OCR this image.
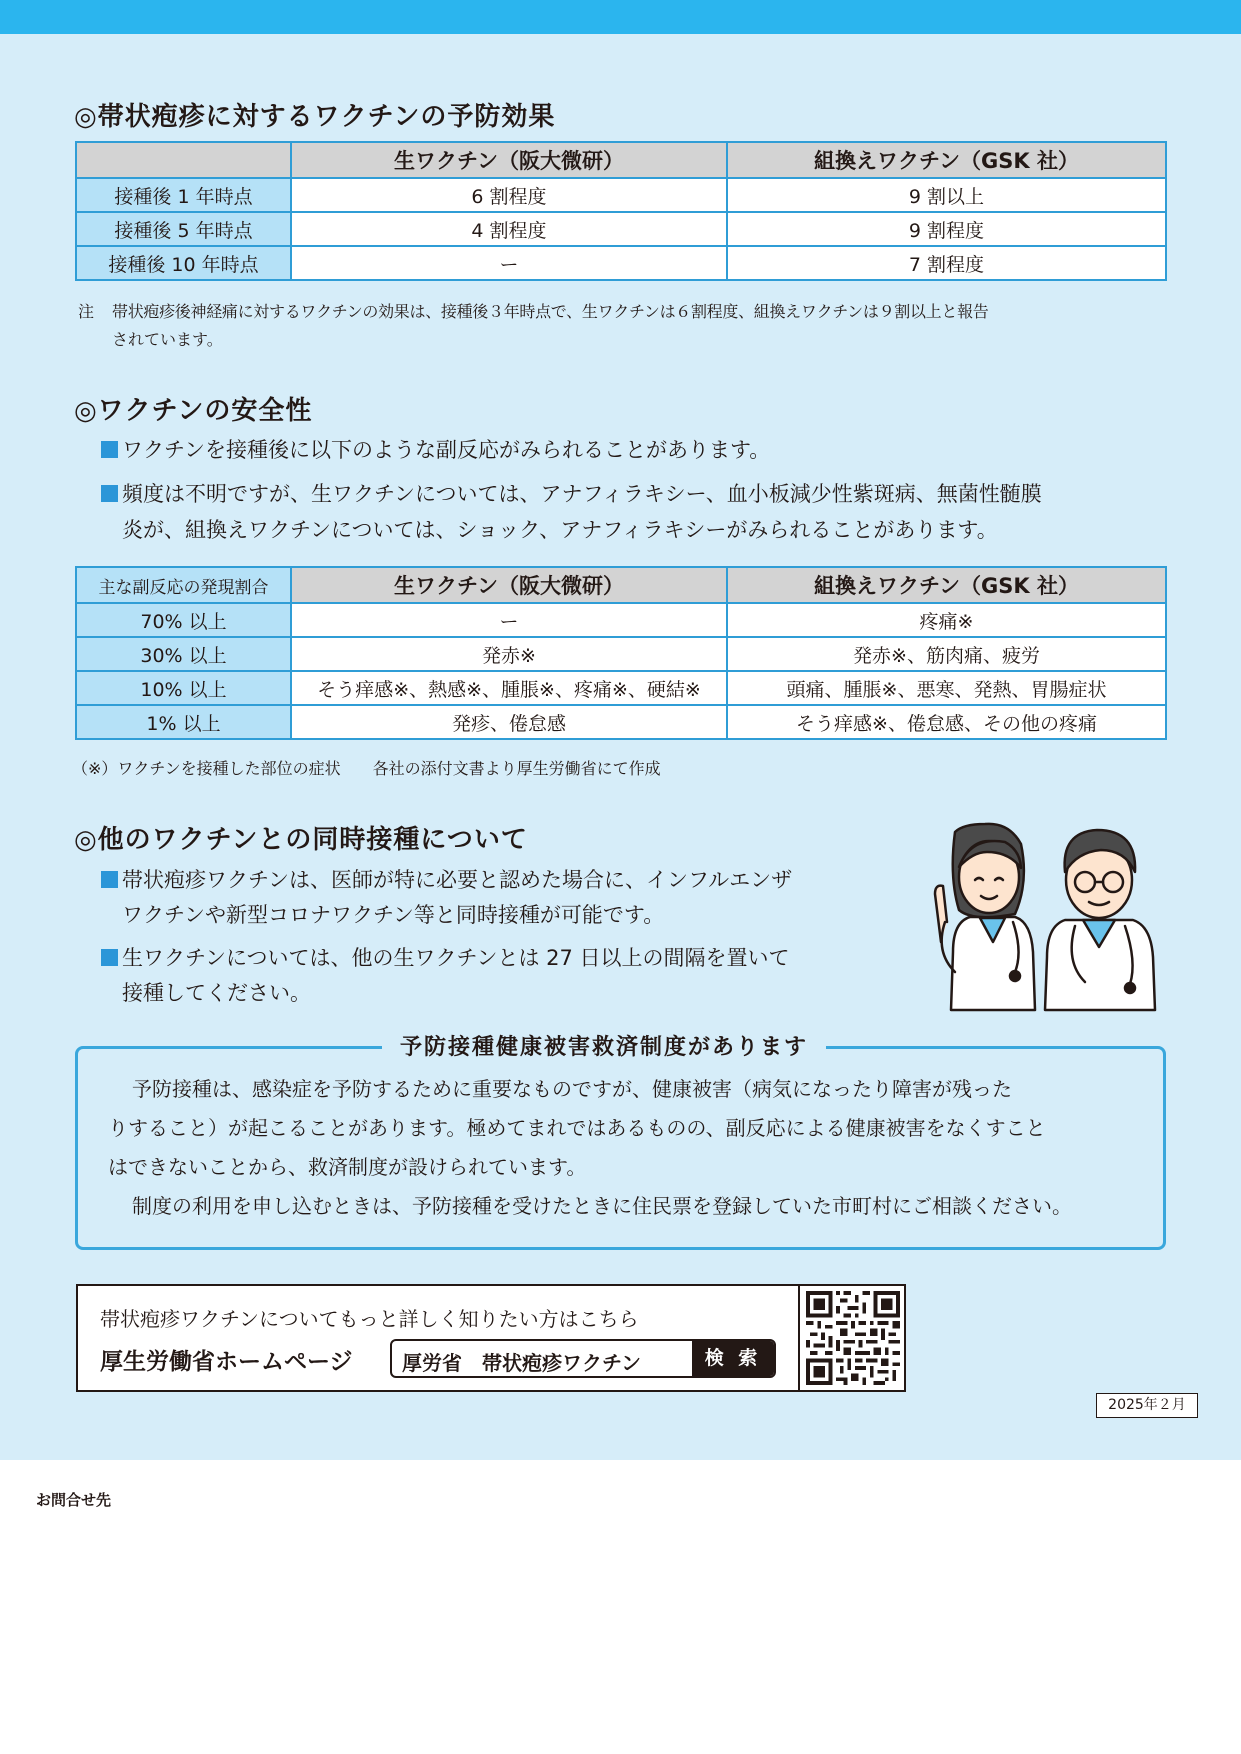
◎帯状疱疹に対するワクチンの予防効果
	生ワクチン（阪大微研）	組換えワクチン（GSK 社）
接種後 1 年時点	6 割程度	9 割以上
接種後 5 年時点	4 割程度	9 割程度
接種後 10 年時点	ー	7 割程度
注 帯状疱疹後神経痛に対するワクチンの効果は、接種後３年時点で、生ワクチンは６割程度、組換えワクチンは９割以上と報告
されています。
◎ワクチンの安全性
ワクチンを接種後に以下のような副反応がみられることがあります。
頻度は不明ですが、生ワクチンについては、アナフィラキシー、血小板減少性紫斑病、無菌性髄膜
炎が、組換えワクチンについては、ショック、アナフィラキシーがみられることがあります。
主な副反応の発現割合	生ワクチン（阪大微研）	組換えワクチン（GSK 社）
70% 以上	ー	疼痛※
30% 以上	発赤※	発赤※、筋肉痛、疲労
10% 以上	そう痒感※、熱感※、腫脹※、疼痛※、硬結※	頭痛、腫脹※、悪寒、発熱、胃腸症状
1% 以上	発疹、倦怠感	そう痒感※、倦怠感、その他の疼痛
（※）ワクチンを接種した部位の症状　　各社の添付文書より厚生労働省にて作成
◎他のワクチンとの同時接種について
帯状疱疹ワクチンは、医師が特に必要と認めた場合に、インフルエンザ
ワクチンや新型コロナワクチン等と同時接種が可能です。
生ワクチンについては、他の生ワクチンとは 27 日以上の間隔を置いて
接種してください。
予防接種健康被害救済制度があります
予防接種は、感染症を予防するために重要なものですが、健康被害（病気になったり障害が残った
りすること）が起こることがあります。極めてまれではあるものの、副反応による健康被害をなくすこと
はできないことから、救済制度が設けられています。
制度の利用を申し込むときは、予防接種を受けたときに住民票を登録していた市町村にご相談ください。
帯状疱疹ワクチンについてもっと詳しく知りたい方はこちら
厚生労働省ホームページ 厚労省　帯状疱疹ワクチン	検 索
2025年２月
お問合せ先
